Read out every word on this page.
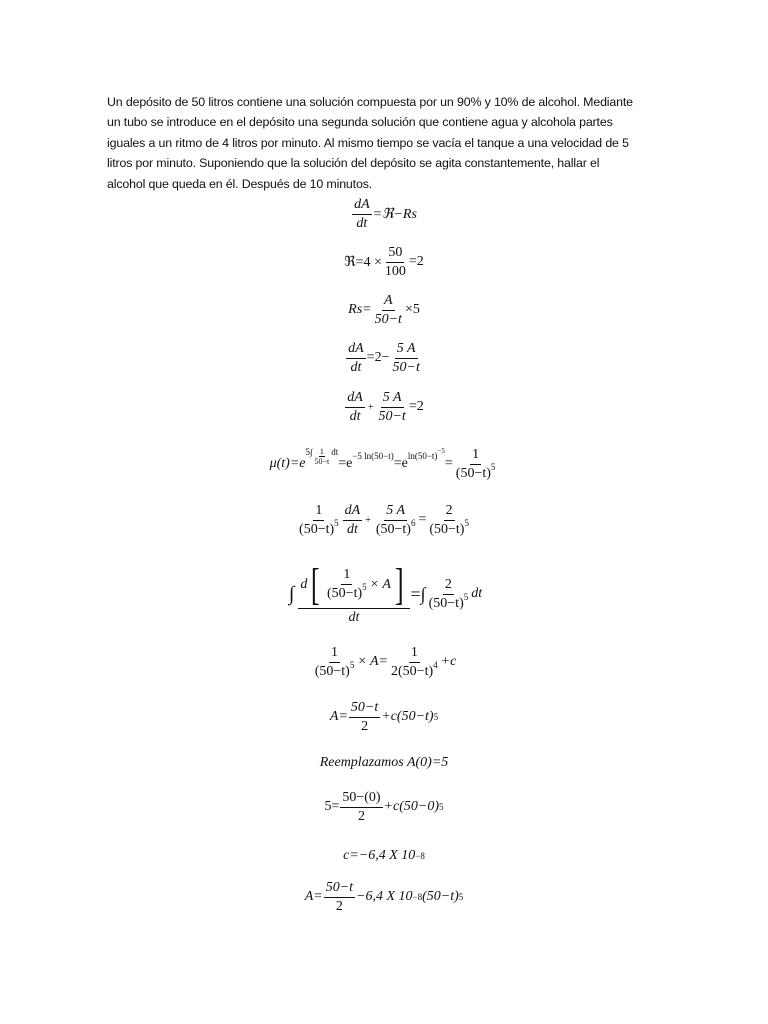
Un depósito de 50 litros contiene una solución compuesta por un 90% y 10% de alcohol. Mediante

un tubo se introduce en el depósito una segunda solución que contiene agua y alcohola partes

iguales a un ritmo de 4 litros por minuto. Al mismo tiempo se vacía el tanque a una velocidad de 5

litros por minuto. Suponiendo que la solución del depósito se agita constantemente, hallar el

alcohol que queda en él. Después de 10 minutos.

$\frac{dA}{dt}$ =ℜ−Rs
ℜ=4 × $\frac{50}{100} =2$
$Rs= \frac{A}{50-t} \times 5$
$\frac{dA}{dt} =2- \frac{5 A}{50-t}$
$\frac{dA}{dt} + \frac{5 A}{50-t} =2$
μ(t)=e
$5\int \frac{1}{50-t}$ dt
=e −5 ln(50−t) =e ln(50−t) −5
= $\frac{1}{(50-t)^5}$
$\frac{1}{(50-t)^5} \frac{dA}{dt} + \frac{5 A}{(50-t)^6} = \frac{2}{(50-t)^5}$
∫ $\frac{d [ \frac{1}{(50-t)^5} \times A ]}{dt}$ =∫ $\frac{2}{(50-t)^5}$ dt
$\frac{1}{(50-t)^5} \times A= \frac{1}{2(50-t)^4} +c$
$A= \frac{50-t}{2} +c(50-t)$ 5
Reemplazamos A(0)=5
$5= \frac{50-(0)}{2} +c(50-0)$ 5
c=−6,4 X 10 −8
$A= \frac{50-t}{2} -6,4$ X 10 −8 (50−t) 5
